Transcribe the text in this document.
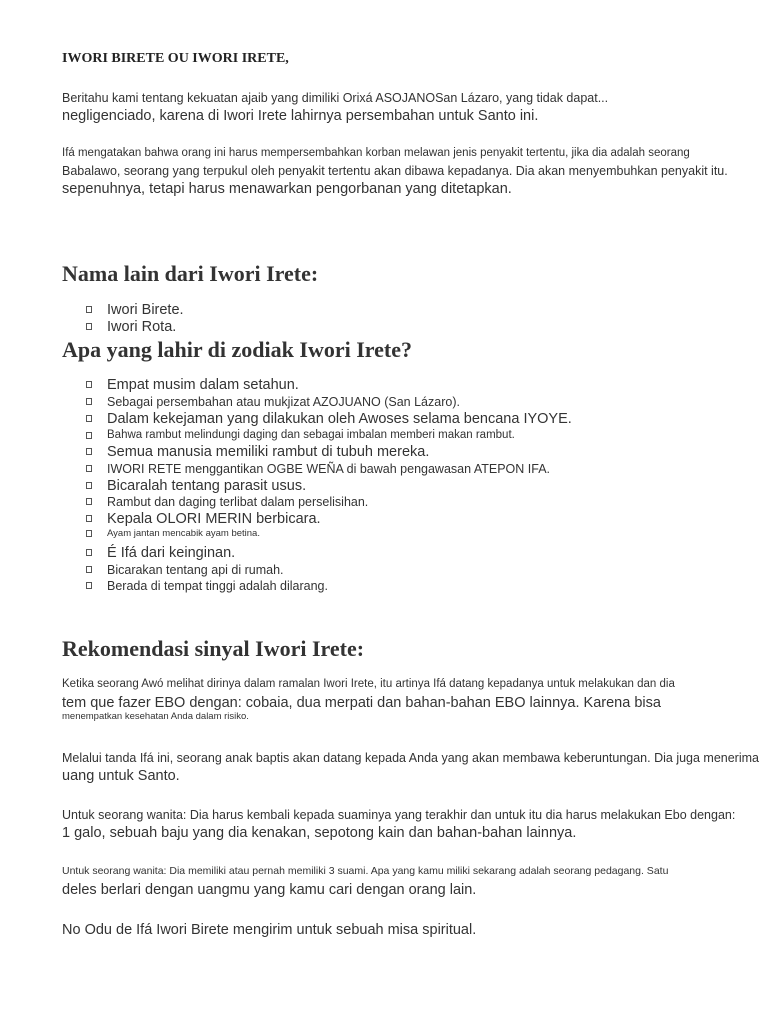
IWORI BIRETE OU IWORI IRETE,
Beritahu kami tentang kekuatan ajaib yang dimiliki Orixá ASOJANOSan Lázaro, yang tidak dapat...
negligenciado, karena di Iwori Irete lahirnya persembahan untuk Santo ini.
Ifá mengatakan bahwa orang ini harus mempersembahkan korban melawan jenis penyakit tertentu, jika dia adalah seorang
Babalawo, seorang yang terpukul oleh penyakit tertentu akan dibawa kepadanya. Dia akan menyembuhkan penyakit itu.
sepenuhnya, tetapi harus menawarkan pengorbanan yang ditetapkan.
Nama lain dari Iwori Irete:
Iwori Birete.
Iwori Rota.
Apa yang lahir di zodiak Iwori Irete?
Empat musim dalam setahun.
Sebagai persembahan atau mukjizat AZOJUANO (San Lázaro).
Dalam kekejaman yang dilakukan oleh Awoses selama bencana IYOYE.
Bahwa rambut melindungi daging dan sebagai imbalan memberi makan rambut.
Semua manusia memiliki rambut di tubuh mereka.
IWORI RETE menggantikan OGBE WEÑA di bawah pengawasan ATEPON IFA.
Bicaralah tentang parasit usus.
Rambut dan daging terlibat dalam perselisihan.
Kepala OLORI MERIN berbicara.
Ayam jantan mencabik ayam betina.
É Ifá dari keinginan.
Bicarakan tentang api di rumah.
Berada di tempat tinggi adalah dilarang.
Rekomendasi sinyal Iwori Irete:
Ketika seorang Awó melihat dirinya dalam ramalan Iwori Irete, itu artinya Ifá datang kepadanya untuk melakukan dan dia
tem que fazer EBO dengan: cobaia, dua merpati dan bahan-bahan EBO lainnya. Karena bisa
menempatkan kesehatan Anda dalam risiko.
Melalui tanda Ifá ini, seorang anak baptis akan datang kepada Anda yang akan membawa keberuntungan. Dia juga menerima
uang untuk Santo.
Untuk seorang wanita: Dia harus kembali kepada suaminya yang terakhir dan untuk itu dia harus melakukan Ebo dengan:
1 galo, sebuah baju yang dia kenakan, sepotong kain dan bahan-bahan lainnya.
Untuk seorang wanita: Dia memiliki atau pernah memiliki 3 suami. Apa yang kamu miliki sekarang adalah seorang pedagang. Satu
deles berlari dengan uangmu yang kamu cari dengan orang lain.
No Odu de Ifá Iwori Birete mengirim untuk sebuah misa spiritual.
